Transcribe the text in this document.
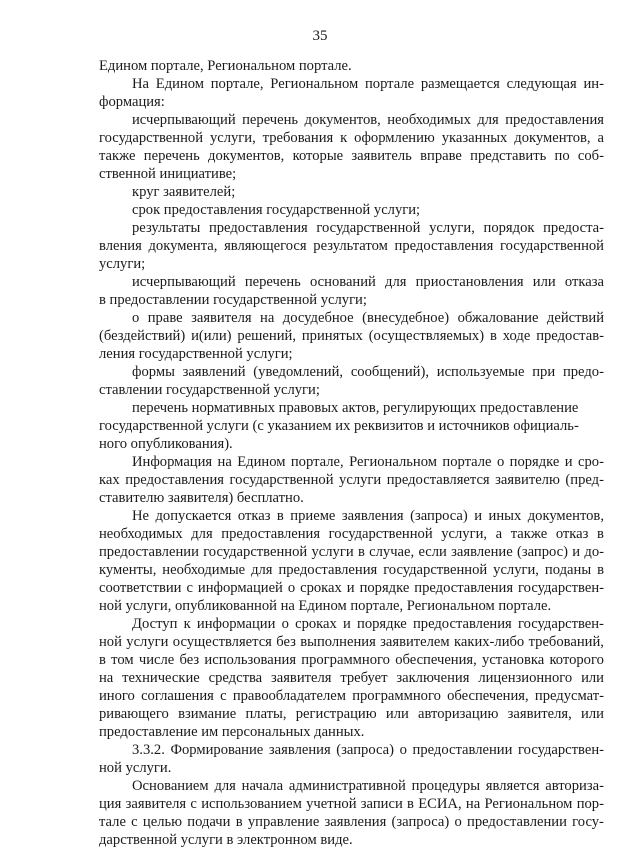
35
Едином портале, Региональном портале.
На Едином портале, Региональном портале размещается следующая ин-
формация:
исчерпывающий перечень документов, необходимых для предоставления
государственной услуги, требования к оформлению указанных документов, а
также перечень документов, которые заявитель вправе представить по соб-
ственной инициативе;
круг заявителей;
срок предоставления государственной услуги;
результаты предоставления государственной услуги, порядок предоста-
вления документа, являющегося результатом предоставления государственной
услуги;
исчерпывающий перечень оснований для приостановления или отказа
в предоставлении государственной услуги;
о праве заявителя на досудебное (внесудебное) обжалование действий
(бездействий) и(или) решений, принятых (осуществляемых) в ходе предостав-
ления государственной услуги;
формы заявлений (уведомлений, сообщений), используемые при предо-
ставлении государственной услуги;
перечень нормативных правовых актов, регулирующих предоставление
государственной услуги (с указанием их реквизитов и источников официаль-
ного опубликования).
Информация на Едином портале, Региональном портале о порядке и сро-
ках предоставления государственной услуги предоставляется заявителю (пред-
ставителю заявителя) бесплатно.
Не допускается отказ в приеме заявления (запроса) и иных документов,
необходимых для предоставления государственной услуги, а также отказ в
предоставлении государственной услуги в случае, если заявление (запрос) и до-
кументы, необходимые для предоставления государственной услуги, поданы в
соответствии с информацией о сроках и порядке предоставления государствен-
ной услуги, опубликованной на Едином портале, Региональном портале.
Доступ к информации о сроках и порядке предоставления государствен-
ной услуги осуществляется без выполнения заявителем каких-либо требований,
в том числе без использования программного обеспечения, установка которого
на технические средства заявителя требует заключения лицензионного или
иного соглашения с правообладателем программного обеспечения, предусмат-
ривающего взимание платы, регистрацию или авторизацию заявителя, или
предоставление им персональных данных.
3.3.2. Формирование заявления (запроса) о предоставлении государствен-
ной услуги.
Основанием для начала административной процедуры является авториза-
ция заявителя с использованием учетной записи в ЕСИА, на Региональном пор-
тале с целью подачи в управление заявления (запроса) о предоставлении госу-
дарственной услуги в электронном виде.
